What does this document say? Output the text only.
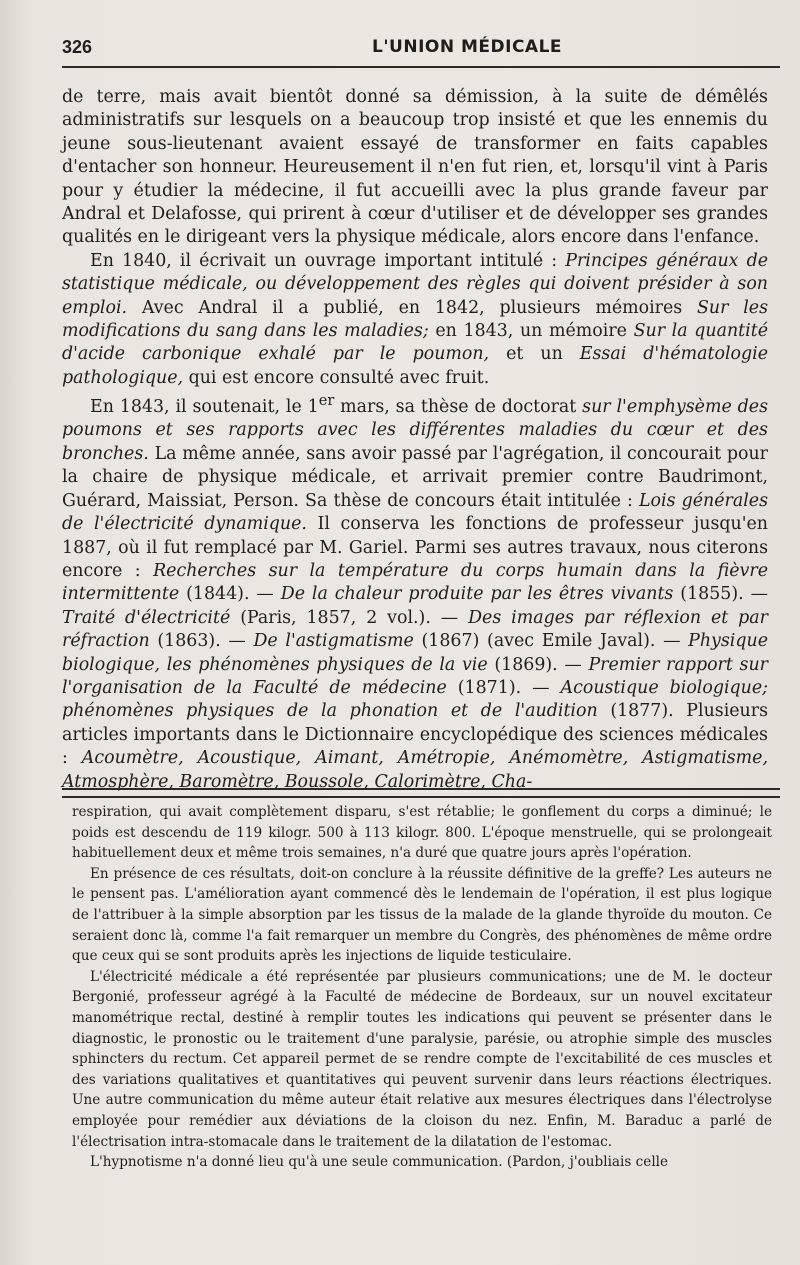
326	L'UNION MÉDICALE

de terre, mais avait bientôt donné sa démission, à la suite de démêlés administratifs sur lesquels on a beaucoup trop insisté et que les ennemis du jeune sous-lieutenant avaient essayé de transformer en faits capables d'entacher son honneur. Heureusement il n'en fut rien, et, lorsqu'il vint à Paris pour y étudier la médecine, il fut accueilli avec la plus grande faveur par Andral et Delafosse, qui prirent à cœur d'utiliser et de développer ses grandes qualités en le dirigeant vers la physique médicale, alors encore dans l'enfance.

En 1840, il écrivait un ouvrage important intitulé : Principes généraux de statistique médicale, ou développement des règles qui doivent présider à son emploi. Avec Andral il a publié, en 1842, plusieurs mémoires Sur les modifications du sang dans les maladies; en 1843, un mémoire Sur la quantité d'acide carbonique exhalé par le poumon, et un Essai d'hématologie pathologique, qui est encore consulté avec fruit.

En 1843, il soutenait, le 1er mars, sa thèse de doctorat sur l'emphysème des poumons et ses rapports avec les différentes maladies du cœur et des bronches. La même année, sans avoir passé par l'agrégation, il concourait pour la chaire de physique médicale, et arrivait premier contre Baudrimont, Guérard, Maissiat, Person. Sa thèse de concours était intitulée : Lois générales de l'électricité dynamique. Il conserva les fonctions de professeur jusqu'en 1887, où il fut remplacé par M. Gariel. Parmi ses autres travaux, nous citerons encore : Recherches sur la température du corps humain dans la fièvre intermittente (1844). — De la chaleur produite par les êtres vivants (1855). — Traité d'électricité (Paris, 1857, 2 vol.). — Des images par réflexion et par réfraction (1863). — De l'astigmatisme (1867) (avec Emile Javal). — Physique biologique, les phénomènes physiques de la vie (1869). — Premier rapport sur l'organisation de la Faculté de médecine (1871). — Acoustique biologique; phénomènes physiques de la phonation et de l'audition (1877). Plusieurs articles importants dans le Dictionnaire encyclopédique des sciences médicales : Acoumètre, Acoustique, Aimant, Amétropie, Anémomètre, Astigmatisme, Atmosphère, Baromètre, Boussole, Calorimètre, Cha-

respiration, qui avait complètement disparu, s'est rétablie; le gonflement du corps a diminué; le poids est descendu de 119 kilogr. 500 à 113 kilogr. 800. L'époque menstruelle, qui se prolongeait habituellement deux et même trois semaines, n'a duré que quatre jours après l'opération.

En présence de ces résultats, doit-on conclure à la réussite définitive de la greffe? Les auteurs ne le pensent pas. L'amélioration ayant commencé dès le lendemain de l'opération, il est plus logique de l'attribuer à la simple absorption par les tissus de la malade de la glande thyroïde du mouton. Ce seraient donc là, comme l'a fait remarquer un membre du Congrès, des phénomènes de même ordre que ceux qui se sont produits après les injections de liquide testiculaire.

L'électricité médicale a été représentée par plusieurs communications; une de M. le docteur Bergonié, professeur agrégé à la Faculté de médecine de Bordeaux, sur un nouvel excitateur manométrique rectal, destiné à remplir toutes les indications qui peuvent se présenter dans le diagnostic, le pronostic ou le traitement d'une paralysie, parésie, ou atrophie simple des muscles sphincters du rectum. Cet appareil permet de se rendre compte de l'excitabilité de ces muscles et des variations qualitatives et quantitatives qui peuvent survenir dans leurs réactions électriques. Une autre communication du même auteur était relative aux mesures électriques dans l'électrolyse employée pour remédier aux déviations de la cloison du nez. Enfin, M. Baraduc a parlé de l'électrisation intra-stomacale dans le traitement de la dilatation de l'estomac.

L'hypnotisme n'a donné lieu qu'à une seule communication. (Pardon, j'oubliais celle
